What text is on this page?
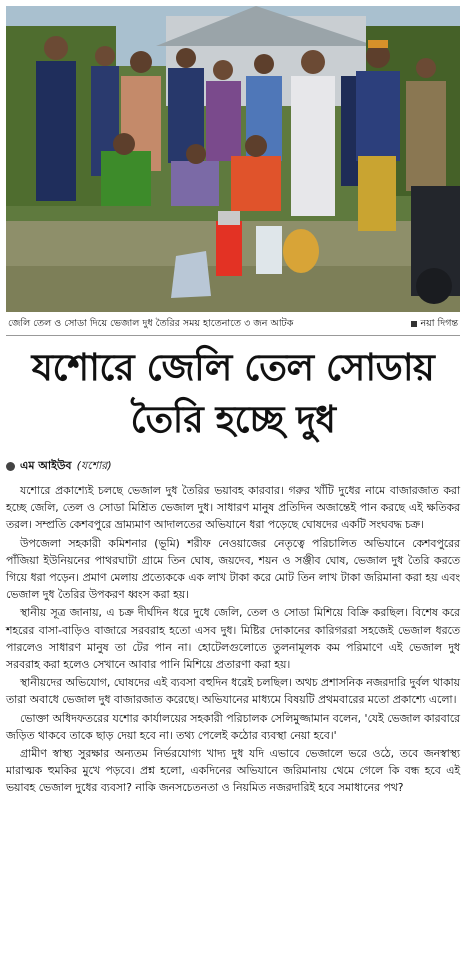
জেলি তেল ও সোডা দিয়ে ভেজাল দুধ তৈরির সময় হাতেনাতে ৩ জন আটক	নয়া দিগন্ত
যশোরে জেলি তেল সোডায়
তৈরি হচ্ছে দুধ
এম আইউব (যশোর)

যশোরে প্রকাশ্যেই চলছে ভেজাল দুধ তৈরির ভয়াবহ কারবার। গরুর খাঁটি দুধের নামে বাজারজাত করা হচ্ছে জেলি, তেল ও সোডা মিশ্রিত ভেজাল দুধ। সাধারণ মানুষ প্রতিদিন অজান্তেই পান করছে এই ক্ষতিকর তরল। সম্প্রতি কেশবপুরে ভ্রাম্যমাণ আদালতের অভিযানে ধরা পড়েছে ঘোষদের একটি সংঘবদ্ধ চক্র।

উপজেলা সহকারী কমিশনার (ভূমি) শরীফ নেওয়াজের নেতৃত্বে পরিচালিত অভিযানে কেশবপুরের পাঁজিয়া ইউনিয়নের পাথরঘাটা গ্রামে তিন ঘোষ, জয়দেব, শয়ন ও সঞ্জীব ঘোষ, ভেজাল দুধ তৈরি করতে গিয়ে ধরা পড়েন। প্রমাণ মেলায় প্রত্যেককে এক লাখ টাকা করে মোট তিন লাখ টাকা জরিমানা করা হয় এবং ভেজাল দুধ তৈরির উপকরণ ধ্বংস করা হয়।

স্থানীয় সূত্র জানায়, এ চক্র দীর্ঘদিন ধরে দুধে জেলি, তেল ও সোডা মিশিয়ে বিক্রি করছিল। বিশেষ করে শহরের বাসা-বাড়িও বাজারে সরবরাহ হতো এসব দুধ। মিষ্টির দোকানের কারিগররা সহজেই ভেজাল ধরতে পারলেও সাধারণ মানুষ তা টের পান না। হোটেলগুলোতে তুলনামূলক কম পরিমাণে এই ভেজাল দুধ সরবরাহ করা হলেও সেখানে আবার পানি মিশিয়ে প্রতারণা করা হয়।

স্থানীয়দের অভিযোগ, ঘোষদের এই ব্যবসা বহুদিন ধরেই চলছিল। অথচ প্রশাসনিক নজরদারি দুর্বল থাকায় তারা অবাধে ভেজাল দুধ বাজারজাত করেছে। অভিযানের মাধ্যমে বিষয়টি প্রথমবারের মতো প্রকাশ্যে এলো।

ভোক্তা অধিদফতরের যশোর কার্যালয়ের সহকারী পরিচালক সেলিমুজ্জামান বলেন, 'যেই ভেজাল কারবারে জড়িত থাকবে তাকে ছাড় দেয়া হবে না। তথ্য পেলেই কঠোর ব্যবস্থা নেয়া হবে।'

গ্রামীণ স্বাস্থ্য সুরক্ষার অন্যতম নির্ভরযোগ্য খাদ্য দুধ যদি এভাবে ভেজালে ভরে ওঠে, তবে জনস্বাস্থ্য মারাত্মক হুমকির মুখে পড়বে। প্রশ্ন হলো, একদিনের অভিযানে জরিমানায় থেমে গেলে কি বন্ধ হবে এই ভয়াবহ ভেজাল দুধের ব্যবসা? নাকি জনসচেতনতা ও নিয়মিত নজরদারিই হবে সমাধানের পথ?
